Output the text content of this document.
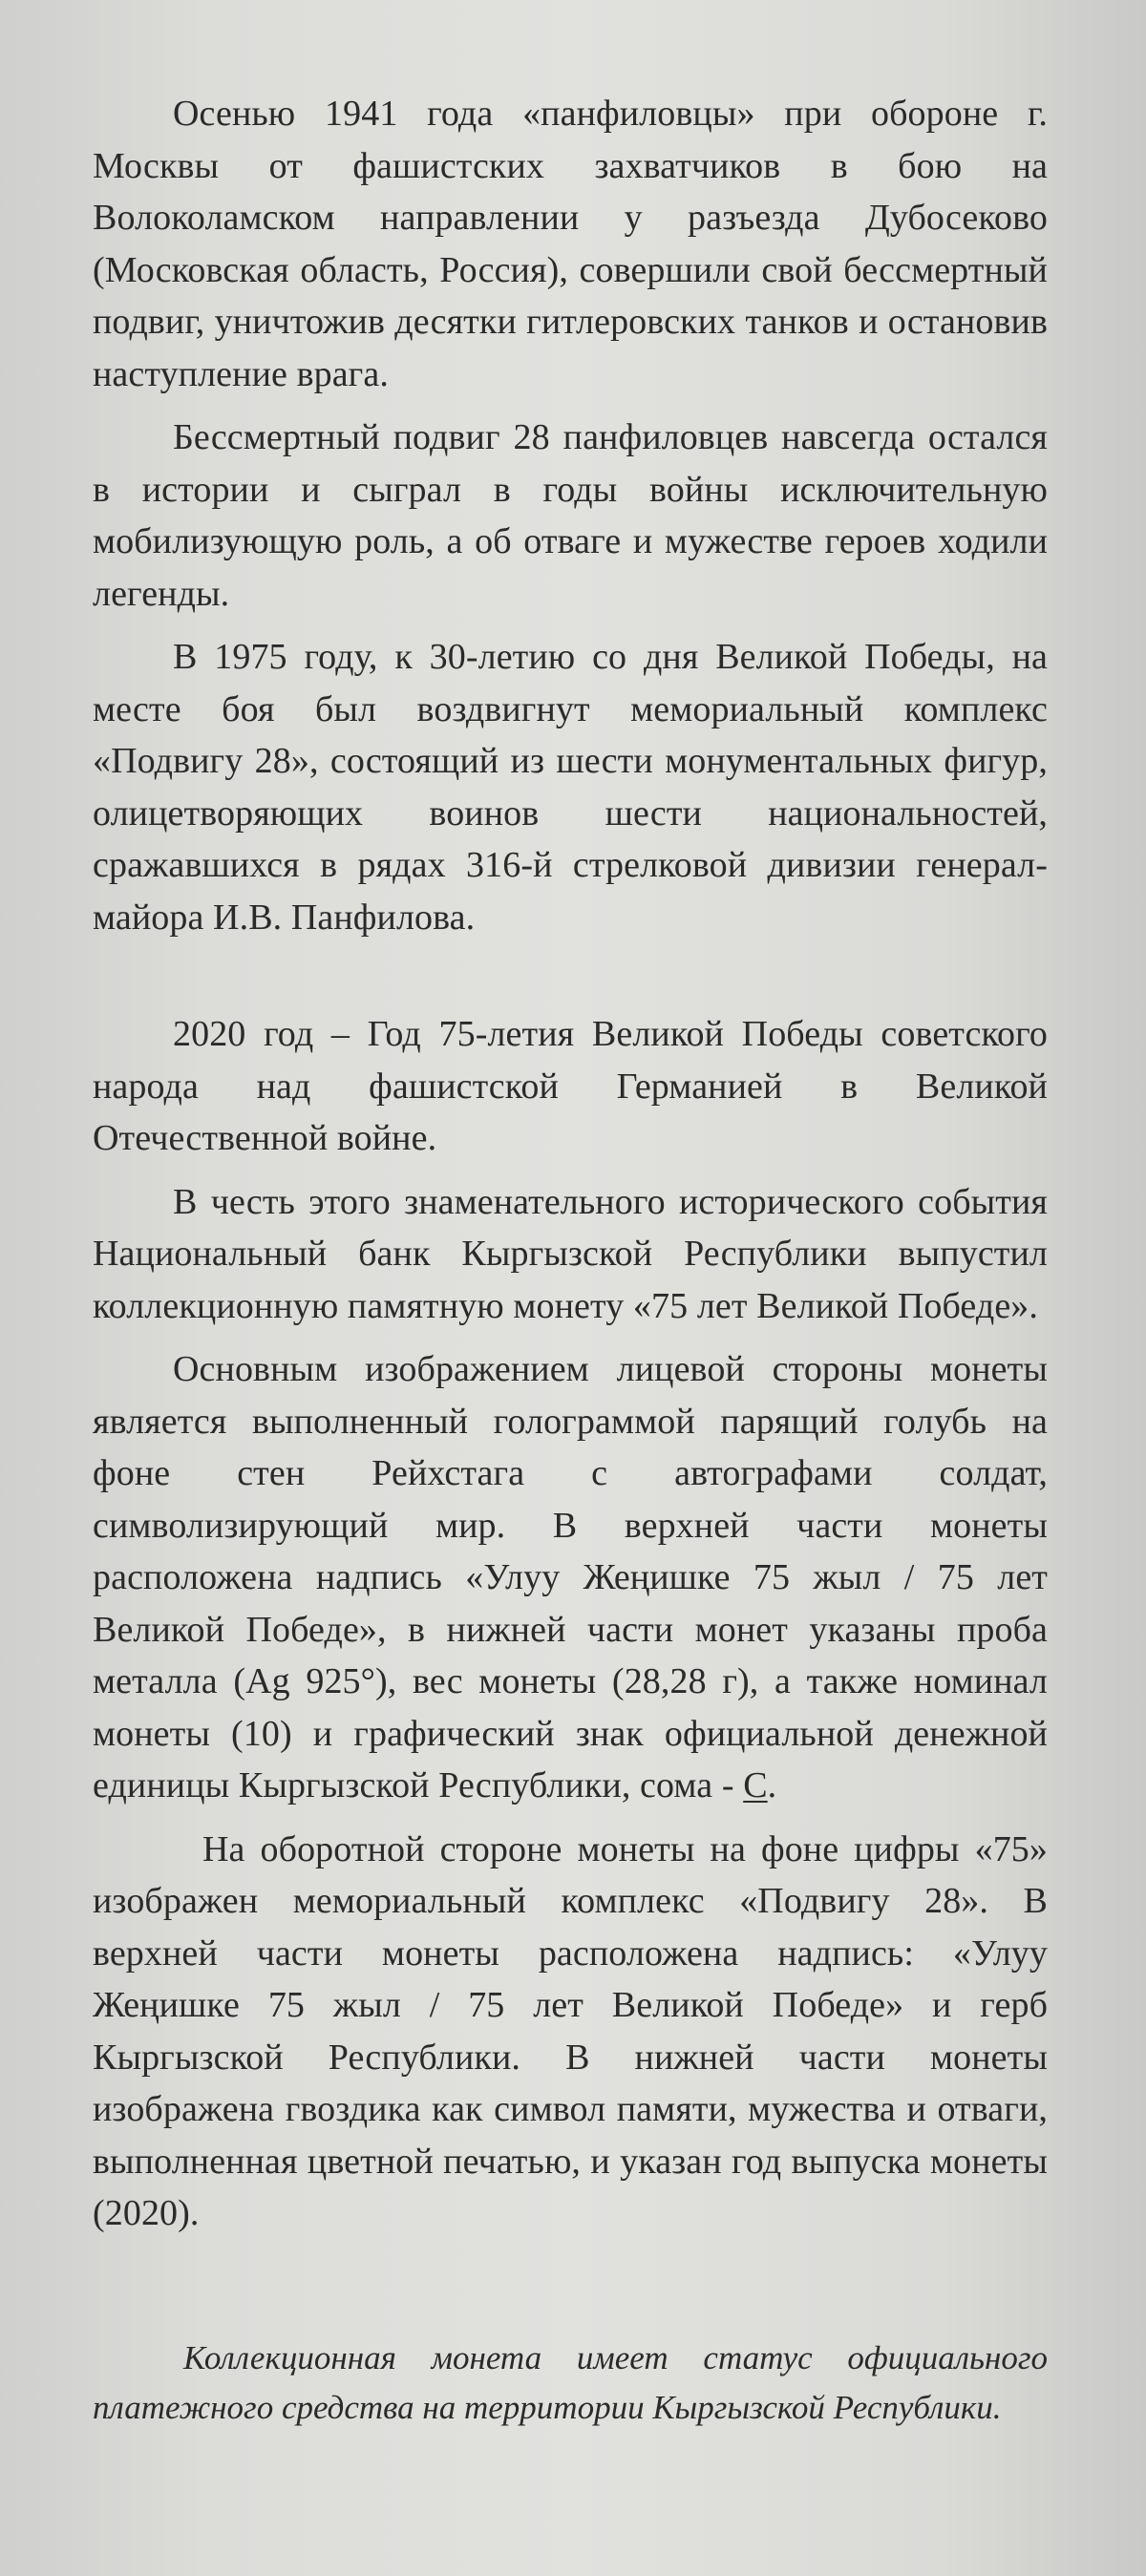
Осенью 1941 года «панфиловцы» при обороне г. Москвы от фашистских захватчиков в бою на Волоколамском направлении у разъезда Дубосеково (Московская область, Россия), совершили свой бессмертный подвиг, уничтожив десятки гитлеровских танков и остановив наступление врага.

Бессмертный подвиг 28 панфиловцев навсегда остался в истории и сыграл в годы войны исключительную мобилизующую роль, а об отваге и мужестве героев ходили легенды.

В 1975 году, к 30-летию со дня Великой Победы, на месте боя был воздвигнут мемориальный комплекс «Подвигу 28», состоящий из шести монументальных фигур, олицетворяющих воинов шести национальностей, сражавшихся в рядах 316-й стрелковой дивизии генерал-майора И.В. Панфилова.

2020 год – Год 75-летия Великой Победы советского народа над фашистской Германией в Великой Отечественной войне.

В честь этого знаменательного исторического события Национальный банк Кыргызской Республики выпустил коллекционную памятную монету «75 лет Великой Победе».

Основным изображением лицевой стороны монеты является выполненный голограммой парящий голубь на фоне стен Рейхстага с автографами солдат, символизирующий мир. В верхней части монеты расположена надпись «Улуу Жеңишке 75 жыл / 75 лет Великой Победе», в нижней части монет указаны проба металла (Ag 925°), вес монеты (28,28 г), а также номинал монеты (10) и графический знак официальной денежной единицы Кыргызской Республики, сома - С.

На оборотной стороне монеты на фоне цифры «75» изображен мемориальный комплекс «Подвигу 28». В верхней части монеты расположена надпись: «Улуу Жеңишке 75 жыл / 75 лет Великой Победе» и герб Кыргызской Республики. В нижней части монеты изображена гвоздика как символ памяти, мужества и отваги, выполненная цветной печатью, и указан год выпуска монеты (2020).

Коллекционная монета имеет статус официального платежного средства на территории Кыргызской Республики.
